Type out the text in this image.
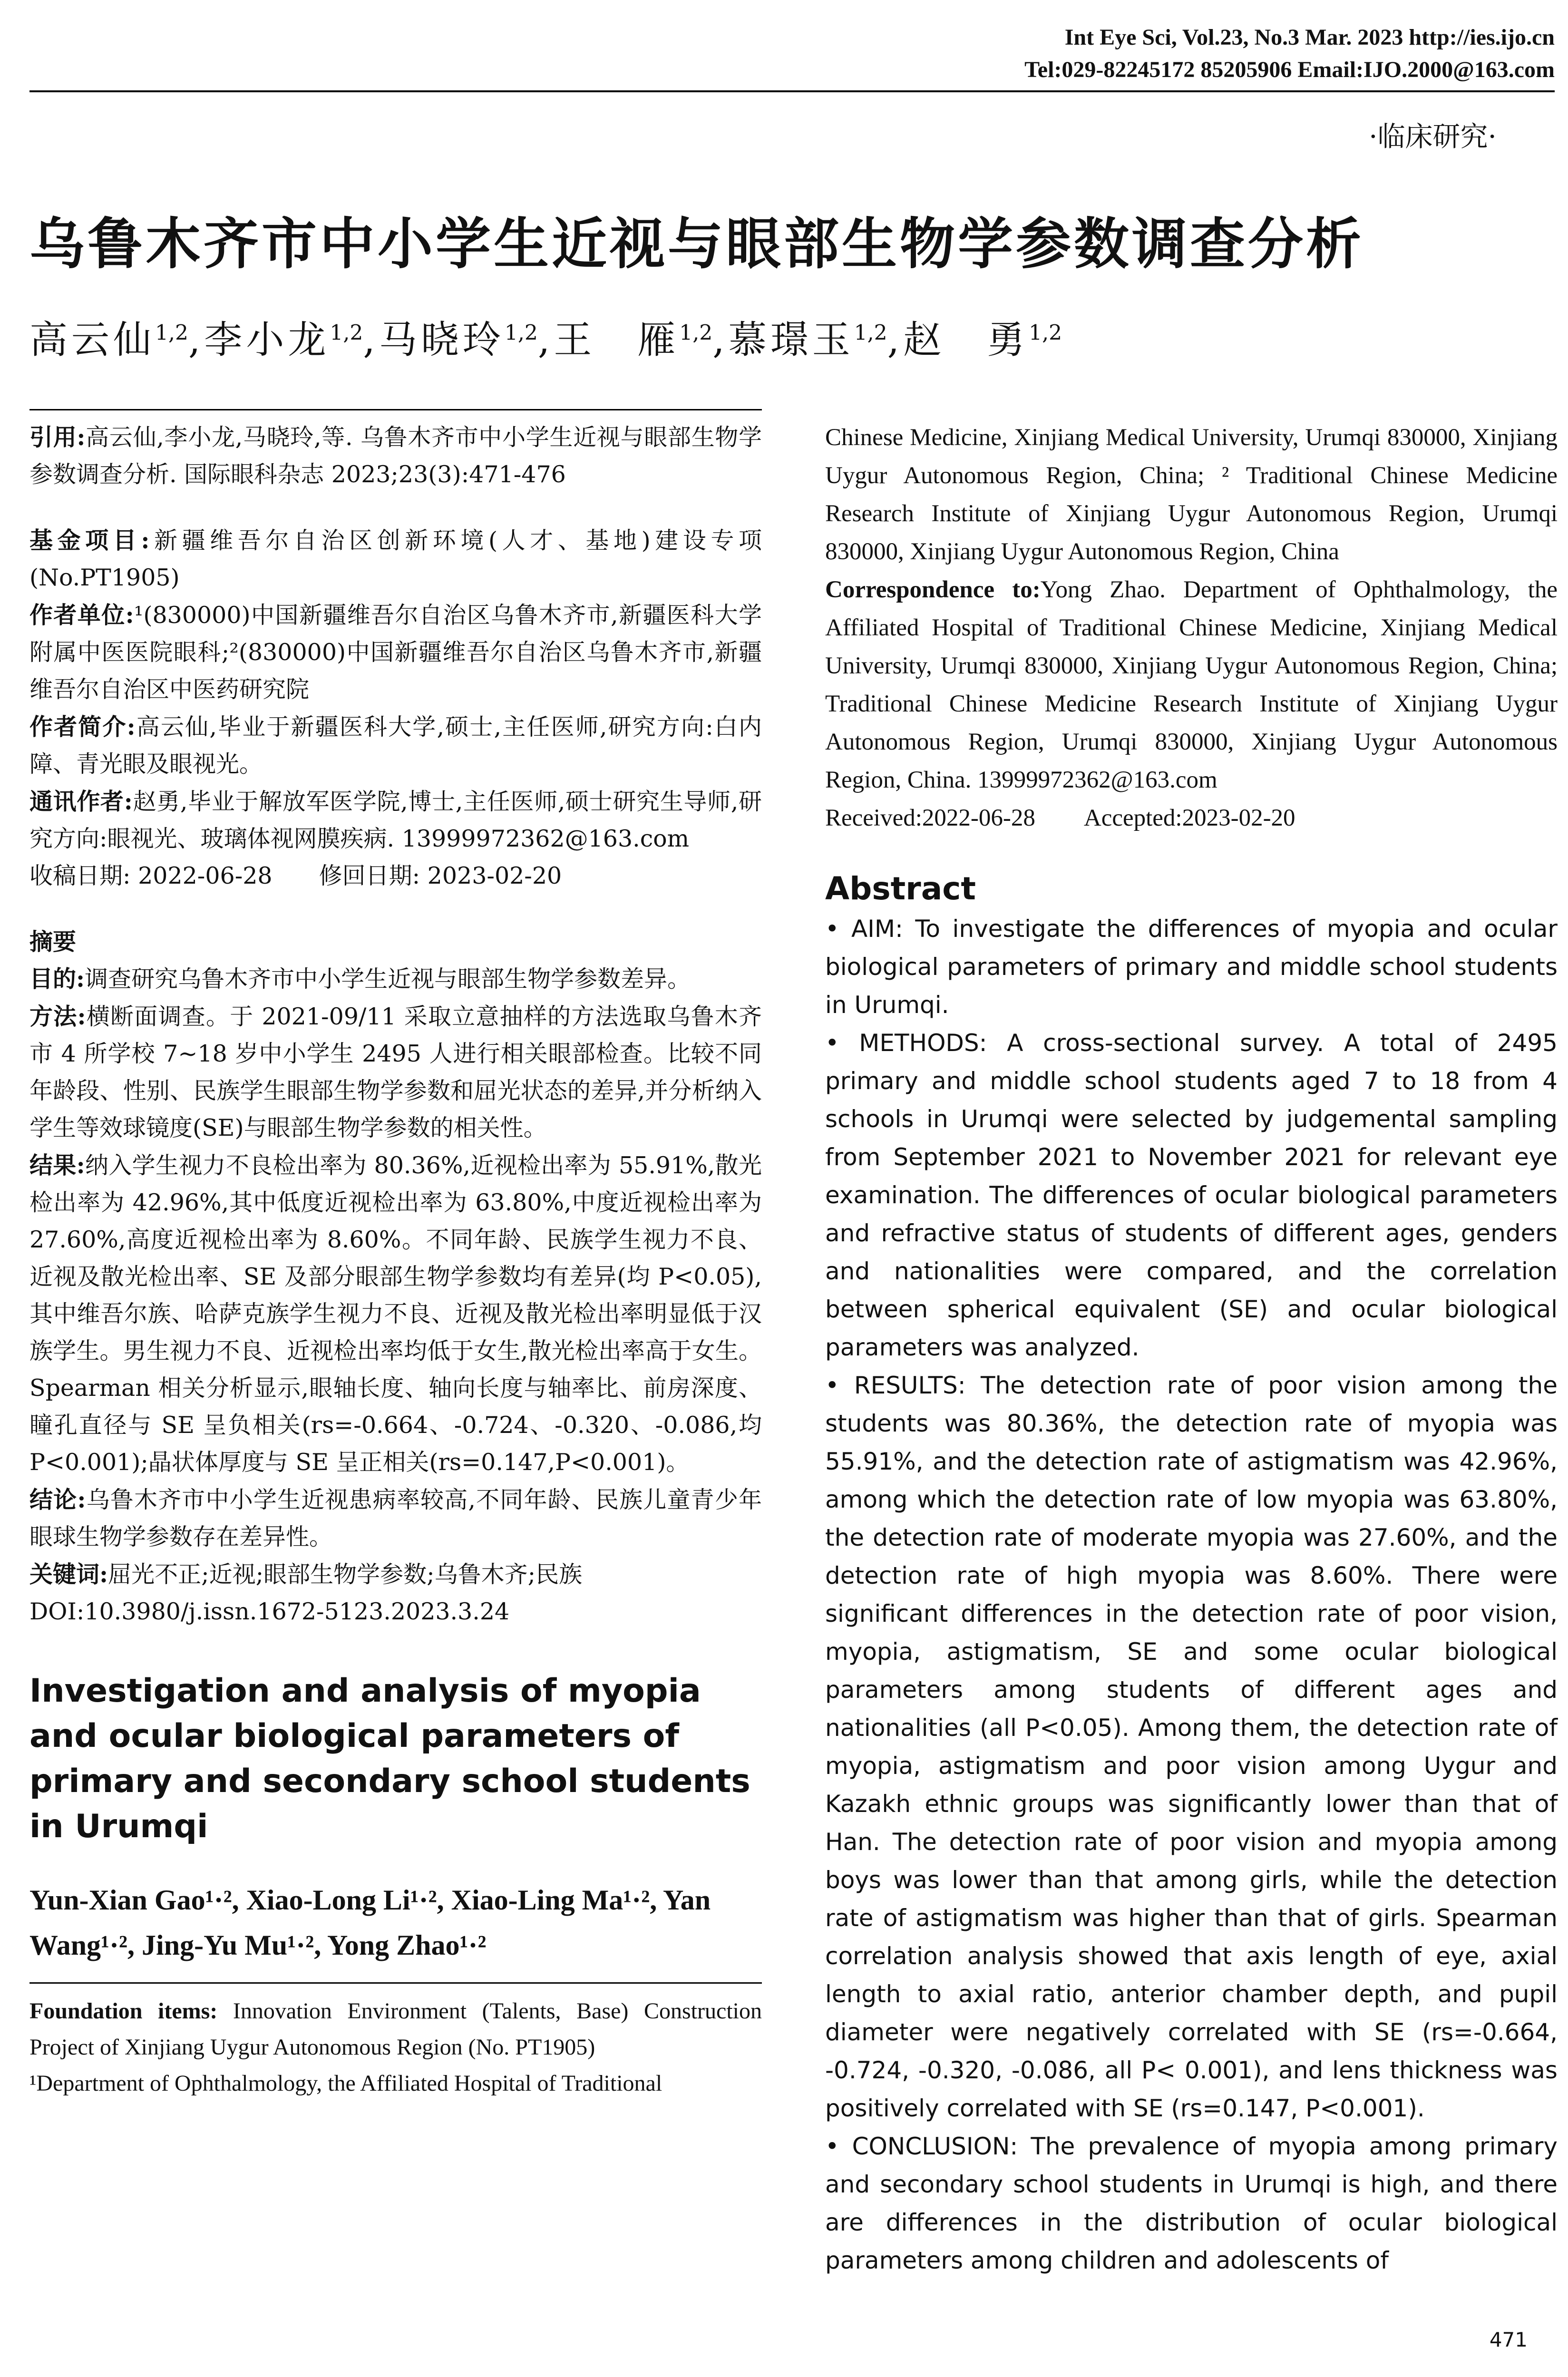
Int Eye Sci, Vol.23, No.3 Mar. 2023 http://ies.ijo.cn
Tel:029-82245172 85205906 Email:IJO.2000@163.com
·临床研究·
乌鲁木齐市中小学生近视与眼部生物学参数调查分析
高云仙$^{1,2}$,李小龙$^{1,2}$,马晓玲$^{1,2}$,王　雁$^{1,2}$,慕璟玉$^{1,2}$,赵　勇$^{1,2}$

引用:高云仙,李小龙,马晓玲,等. 乌鲁木齐市中小学生近视与眼部生物学参数调查分析. 国际眼科杂志 2023;23(3):471-476

基金项目:新疆维吾尔自治区创新环境(人才、基地)建设专项(No.PT1905)

作者单位:¹(830000)中国新疆维吾尔自治区乌鲁木齐市,新疆医科大学附属中医医院眼科;²(830000)中国新疆维吾尔自治区乌鲁木齐市,新疆维吾尔自治区中医药研究院

作者简介:高云仙,毕业于新疆医科大学,硕士,主任医师,研究方向:白内障、青光眼及眼视光。

通讯作者:赵勇,毕业于解放军医学院,博士,主任医师,硕士研究生导师,研究方向:眼视光、玻璃体视网膜疾病. 13999972362@163.com

收稿日期: 2022-06-28　　修回日期: 2023-02-20

摘要

目的:调查研究乌鲁木齐市中小学生近视与眼部生物学参数差异。

方法:横断面调查。于 2021-09/11 采取立意抽样的方法选取乌鲁木齐市 4 所学校 7~18 岁中小学生 2495 人进行相关眼部检查。比较不同年龄段、性别、民族学生眼部生物学参数和屈光状态的差异,并分析纳入学生等效球镜度(SE)与眼部生物学参数的相关性。

结果:纳入学生视力不良检出率为 80.36%,近视检出率为 55.91%,散光检出率为 42.96%,其中低度近视检出率为 63.80%,中度近视检出率为 27.60%,高度近视检出率为 8.60%。不同年龄、民族学生视力不良、近视及散光检出率、SE 及部分眼部生物学参数均有差异(均 P<0.05),其中维吾尔族、哈萨克族学生视力不良、近视及散光检出率明显低于汉族学生。男生视力不良、近视检出率均低于女生,散光检出率高于女生。Spearman 相关分析显示,眼轴长度、轴向长度与轴率比、前房深度、瞳孔直径与 SE 呈负相关(rs=-0.664、-0.724、-0.320、-0.086,均 P<0.001);晶状体厚度与 SE 呈正相关(rs=0.147,P<0.001)。

结论:乌鲁木齐市中小学生近视患病率较高,不同年龄、民族儿童青少年眼球生物学参数存在差异性。

关键词:屈光不正;近视;眼部生物学参数;乌鲁木齐;民族

DOI:10.3980/j.issn.1672-5123.2023.3.24

Investigation and analysis of myopia and ocular biological parameters of primary and secondary school students in Urumqi

Yun-Xian Gao¹·², Xiao-Long Li¹·², Xiao-Ling Ma¹·², Yan Wang¹·², Jing-Yu Mu¹·², Yong Zhao¹·²

Foundation items: Innovation Environment (Talents, Base) Construction Project of Xinjiang Uygur Autonomous Region (No. PT1905)

¹Department of Ophthalmology, the Affiliated Hospital of Traditional

Chinese Medicine, Xinjiang Medical University, Urumqi 830000, Xinjiang Uygur Autonomous Region, China; ² Traditional Chinese Medicine Research Institute of Xinjiang Uygur Autonomous Region, Urumqi 830000, Xinjiang Uygur Autonomous Region, China

Correspondence to:Yong Zhao. Department of Ophthalmology, the Affiliated Hospital of Traditional Chinese Medicine, Xinjiang Medical University, Urumqi 830000, Xinjiang Uygur Autonomous Region, China; Traditional Chinese Medicine Research Institute of Xinjiang Uygur Autonomous Region, Urumqi 830000, Xinjiang Uygur Autonomous Region, China. 13999972362@163.com

Received:2022-06-28　　Accepted:2023-02-20

Abstract

• AIM: To investigate the differences of myopia and ocular biological parameters of primary and middle school students in Urumqi.

• METHODS: A cross-sectional survey. A total of 2495 primary and middle school students aged 7 to 18 from 4 schools in Urumqi were selected by judgemental sampling from September 2021 to November 2021 for relevant eye examination. The differences of ocular biological parameters and refractive status of students of different ages, genders and nationalities were compared, and the correlation between spherical equivalent (SE) and ocular biological parameters was analyzed.

• RESULTS: The detection rate of poor vision among the students was 80.36%, the detection rate of myopia was 55.91%, and the detection rate of astigmatism was 42.96%, among which the detection rate of low myopia was 63.80%, the detection rate of moderate myopia was 27.60%, and the detection rate of high myopia was 8.60%. There were significant differences in the detection rate of poor vision, myopia, astigmatism, SE and some ocular biological parameters among students of different ages and nationalities (all P<0.05). Among them, the detection rate of myopia, astigmatism and poor vision among Uygur and Kazakh ethnic groups was significantly lower than that of Han. The detection rate of poor vision and myopia among boys was lower than that among girls, while the detection rate of astigmatism was higher than that of girls. Spearman correlation analysis showed that axis length of eye, axial length to axial ratio, anterior chamber depth, and pupil diameter were negatively correlated with SE (rs=-0.664, -0.724, -0.320, -0.086, all P< 0.001), and lens thickness was positively correlated with SE (rs=0.147, P<0.001).

• CONCLUSION: The prevalence of myopia among primary and secondary school students in Urumqi is high, and there are differences in the distribution of ocular biological parameters among children and adolescents of

471
